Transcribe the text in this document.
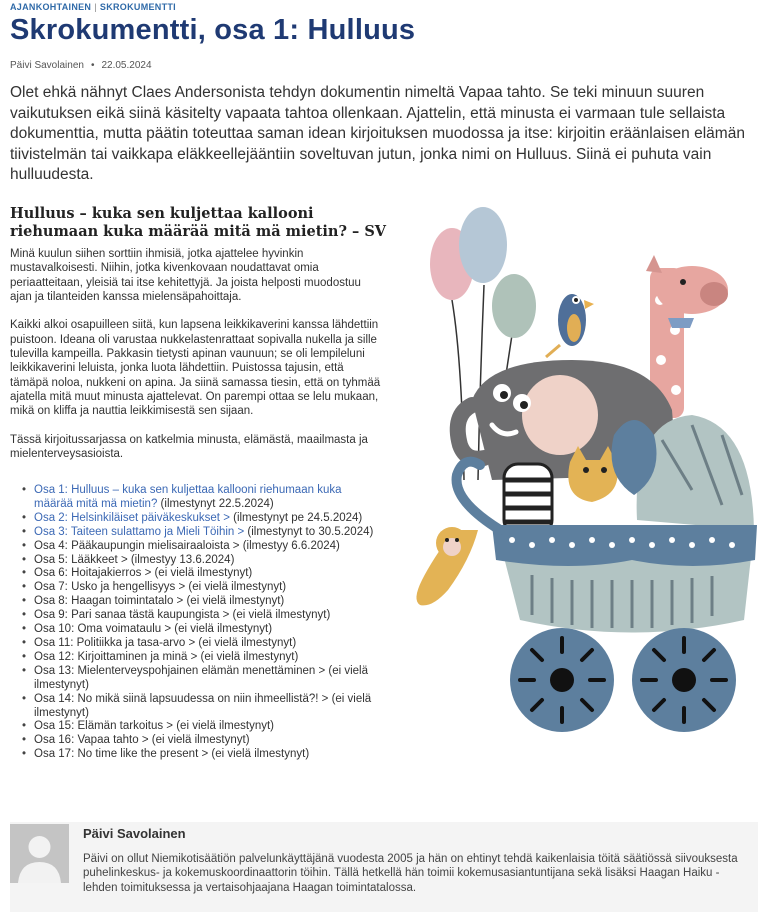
AJANKOHTAINEN | SKROKUMENTTI
Skrokumentti, osa 1: Hulluus
Päivi Savolainen • 22.05.2024

Olet ehkä nähnyt Claes Andersonista tehdyn dokumentin nimeltä Vapaa tahto. Se teki minuun suuren vaikutuksen eikä siinä käsitelty vapaata tahtoa ollenkaan. Ajattelin, että minusta ei varmaan tule sellaista dokumenttia, mutta päätin toteuttaa saman idean kirjoituksen muodossa ja itse: kirjoitin eräänlaisen elämän tiivistelmän tai vaikkapa eläkkeellejääntiin soveltuvan jutun, jonka nimi on Hulluus. Siinä ei puhuta vain hulluudesta.

Hulluus – kuka sen kuljettaa kallooni riehumaan kuka määrää mitä mä mietin? – SV

Minä kuulun siihen sorttiin ihmisiä, jotka ajattelee hyvinkin mustavalkoisesti. Niihin, jotka kivenkovaan noudattavat omia periaatteitaan, yleisiä tai itse kehitettyjä. Ja joista helposti muodostuu ajan ja tilanteiden kanssa mielensäpahoittaja.

Kaikki alkoi osapuilleen siitä, kun lapsena leikkikaverini kanssa lähdettiin puistoon. Ideana oli varustaa nukkelastenrattaat sopivalla nukella ja sille tulevilla kampeilla. Pakkasin tietysti apinan vaunuun; se oli lempileluni leikkikaverini leluista, jonka luota lähdettiin. Puistossa tajusin, että tämäpä noloa, nukkeni on apina. Ja siinä samassa tiesin, että on tyhmää ajatella mitä muut minusta ajattelevat. On parempi ottaa se lelu mukaan, mikä on kliffa ja nauttia leikkimisestä sen sijaan.

Tässä kirjoitussarjassa on katkelmia minusta, elämästä, maailmasta ja mielenterveysasioista.

• Osa 1: Hulluus – kuka sen kuljettaa kallooni riehumaan kuka määrää mitä mä mietin? (ilmestynyt 22.5.2024)
• Osa 2: Helsinkiläiset päiväkeskukset > (ilmestynyt pe 24.5.2024)
• Osa 3: Taiteen sulattamo ja Mieli Töihin > (ilmestynyt to 30.5.2024)
• Osa 4: Pääkaupungin mielisairaaloista > (ilmestyy 6.6.2024)
• Osa 5: Lääkkeet > (ilmestyy 13.6.2024)
• Osa 6: Hoitajakierros > (ei vielä ilmestynyt)
• Osa 7: Usko ja hengellisyys > (ei vielä ilmestynyt)
• Osa 8: Haagan toimintatalo > (ei vielä ilmestynyt)
• Osa 9: Pari sanaa tästä kaupungista > (ei vielä ilmestynyt)
• Osa 10: Oma voimataulu > (ei vielä ilmestynyt)
• Osa 11: Politiikka ja tasa-arvo > (ei vielä ilmestynyt)
• Osa 12: Kirjoittaminen ja minä > (ei vielä ilmestynyt)
• Osa 13: Mielenterveyspohjainen elämän menettäminen > (ei vielä ilmestynyt)
• Osa 14: No mikä siinä lapsuudessa on niin ihmeellistä?! > (ei vielä ilmestynyt)
• Osa 15: Elämän tarkoitus > (ei vielä ilmestynyt)
• Osa 16: Vapaa tahto > (ei vielä ilmestynyt)
• Osa 17: No time like the present > (ei vielä ilmestynyt)
Päivi Savolainen

Päivi on ollut Niemikotisäätiön palvelunkäyttäjänä vuodesta 2005 ja hän on ehtinyt tehdä kaikenlaisia töitä säätiössä siivouksesta puhelinkeskus- ja kokemuskoordinaattorin töihin. Tällä hetkellä hän toimii kokemusasiantuntijana sekä lisäksi Haagan Haiku -lehden toimituksessa ja vertaisohjaajana Haagan toimintatalossa.
